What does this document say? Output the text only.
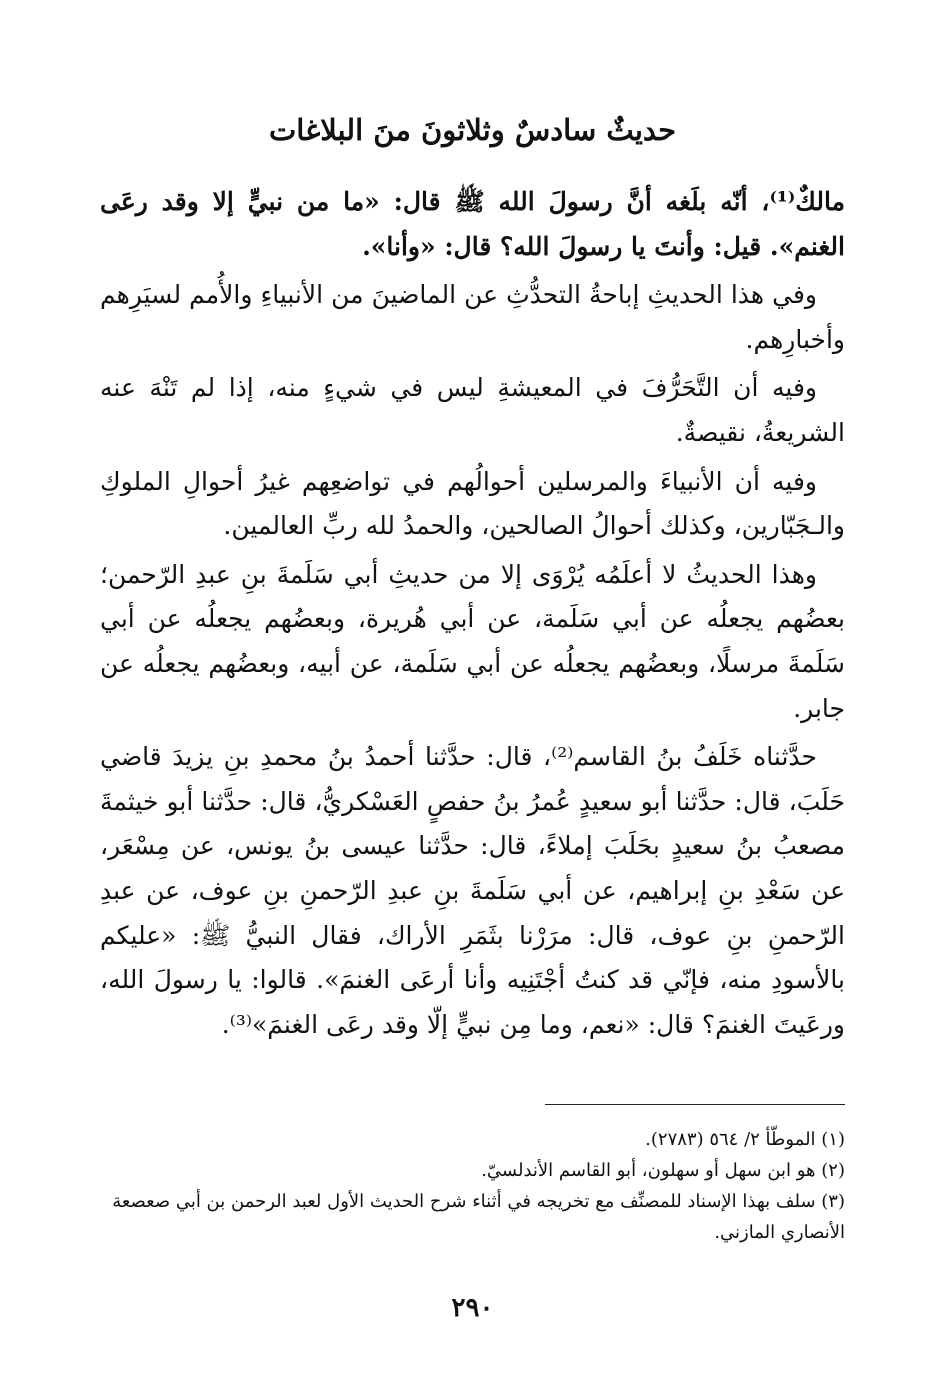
حديثٌ سادسٌ وثلاثونَ منَ البلاغات

مالكٌ⁽¹⁾، أنّه بلَغه أنَّ رسولَ الله ﷺ قال: «ما من نبيٍّ إلا وقد رعَى الغنم». قيل: وأنتَ يا رسولَ الله؟ قال: «وأنا».

وفي هذا الحديثِ إباحةُ التحدُّثِ عن الماضينَ من الأنبياءِ والأُمم لسيَرِهم وأخبارِهم.

وفيه أن التَّحَرُّفَ في المعيشةِ ليس في شيءٍ منه، إذا لم تَنْهَ عنه الشريعةُ، نقيصةٌ.

وفيه أن الأنبياءَ والمرسلين أحوالُهم في تواضعِهم غيرُ أحوالِ الملوكِ والـجَبّارين، وكذلك أحوالُ الصالحين، والحمدُ لله ربِّ العالمين.

وهذا الحديثُ لا أعلَمُه يُرْوَى إلا من حديثِ أبي سَلَمةَ بنِ عبدِ الرّحمن؛ بعضُهم يجعلُه عن أبي سَلَمة، عن أبي هُريرة، وبعضُهم يجعلُه عن أبي سَلَمةَ مرسلًا، وبعضُهم يجعلُه عن أبي سَلَمة، عن أبيه، وبعضُهم يجعلُه عن جابر.

حدَّثناه خَلَفُ بنُ القاسم⁽²⁾، قال: حدَّثنا أحمدُ بنُ محمدِ بنِ يزيدَ قاضي حَلَبَ، قال: حدَّثنا أبو سعيدٍ عُمرُ بنُ حفصٍ العَسْكريُّ، قال: حدَّثنا أبو خيثمةَ مصعبُ بنُ سعيدٍ بحَلَبَ إملاءً، قال: حدَّثنا عيسى بنُ يونس، عن مِسْعَر، عن سَعْدِ بنِ إبراهيم، عن أبي سَلَمةَ بنِ عبدِ الرّحمنِ بنِ عوف، عن عبدِ الرّحمنِ بنِ عوف، قال: مرَرْنا بثَمَرِ الأراك، فقال النبيُّ ﷺ: «عليكم بالأسودِ منه، فإنّي قد كنتُ أجْتَنِيه وأنا أرعَى الغنمَ». قالوا: يا رسولَ الله، ورعَيتَ الغنمَ؟ قال: «نعم، وما مِن نبيٍّ إلّا وقد رعَى الغنمَ»⁽³⁾.

(١) الموطّأ ٢/ ٥٦٤ (٢٧٨٣).
(٢) هو ابن سهل أو سهلون، أبو القاسم الأندلسيّ.
(٣) سلف بهذا الإسناد للمصنِّف مع تخريجه في أثناء شرح الحديث الأول لعبد الرحمن بن أبي صعصعة الأنصاري المازني.
٢٩٠
